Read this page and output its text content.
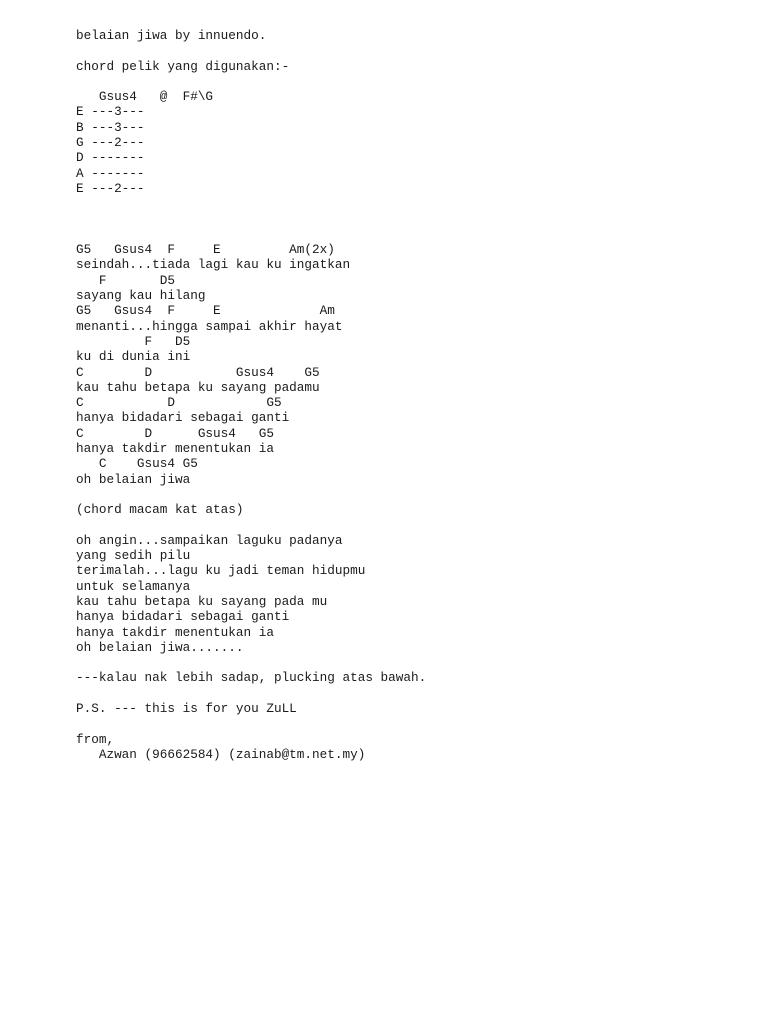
belaian jiwa by innuendo.
chord pelik yang digunakan:-
Gsus4   @  F#\G
E ---3---
B ---3---
G ---2---
D -------
A -------
E ---2---
G5   Gsus4  F     E         Am(2x)
seindah...tiada lagi kau ku ingatkan
F       D5
sayang kau hilang
G5   Gsus4  F     E             Am
menanti...hingga sampai akhir hayat
F   D5
ku di dunia ini
C        D           Gsus4    G5
kau tahu betapa ku sayang padamu
C           D            G5
hanya bidadari sebagai ganti
C        D      Gsus4   G5
hanya takdir menentukan ia
C    Gsus4 G5
oh belaian jiwa
(chord macam kat atas)
oh angin...sampaikan laguku padanya
yang sedih pilu
terimalah...lagu ku jadi teman hidupmu
untuk selamanya
kau tahu betapa ku sayang pada mu
hanya bidadari sebagai ganti
hanya takdir menentukan ia
oh belaian jiwa.......
---kalau nak lebih sadap, plucking atas bawah.
P.S. --- this is for you ZuLL
from,
Azwan (96662584) (zainab@tm.net.my)
